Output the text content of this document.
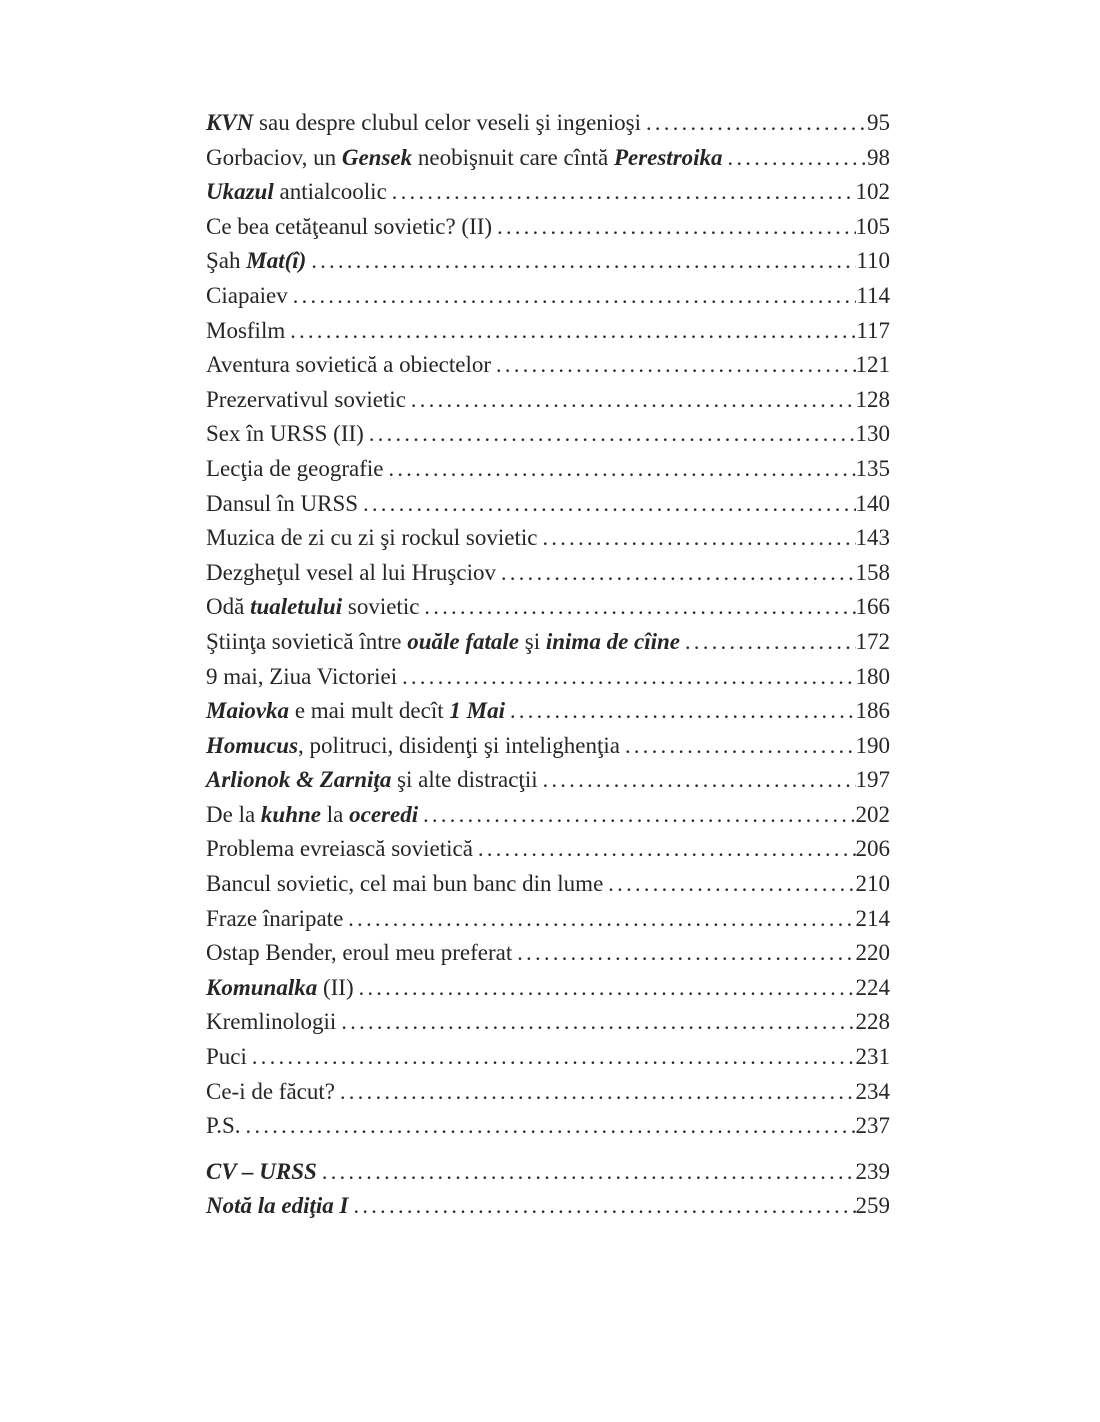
KVN sau despre clubul celor veseli şi ingenioşi .....	95
Gorbaciov, un Gensek neobişnuit care cîntă Perestroika .....	98
Ukazul antialcoolic .....	102
Ce bea cetăţeanul sovietic? (II) .....	105
Şah Mat(î) .....	110
Ciapaiev .....	114
Mosfilm .....	117
Aventura sovietică a obiectelor .....	121
Prezervativul sovietic .....	128
Sex în URSS (II) .....	130
Lecţia de geografie .....	135
Dansul în URSS .....	140
Muzica de zi cu zi şi rockul sovietic .....	143
Dezgheţul vesel al lui Hruşciov .....	158
Odă tualetului sovietic .....	166
Ştiinţa sovietică între ouăle fatale şi inima de cîine .....	172
9 mai, Ziua Victoriei .....	180
Maiovka e mai mult decît 1 Mai .....	186
Homucus, politruci, disidenţi şi intelighenţia .....	190
Arlionok & Zarniţa şi alte distracţii .....	197
De la kuhne la oceredi .....	202
Problema evreiască sovietică .....	206
Bancul sovietic, cel mai bun banc din lume .....	210
Fraze înaripate .....	214
Ostap Bender, eroul meu preferat .....	220
Komunalka (II) .....	224
Kremlinologii .....	228
Puci .....	231
Ce-i de făcut? .....	234
P.S. .....	237
CV – URSS .....	239
Notă la ediţia I .....	259
